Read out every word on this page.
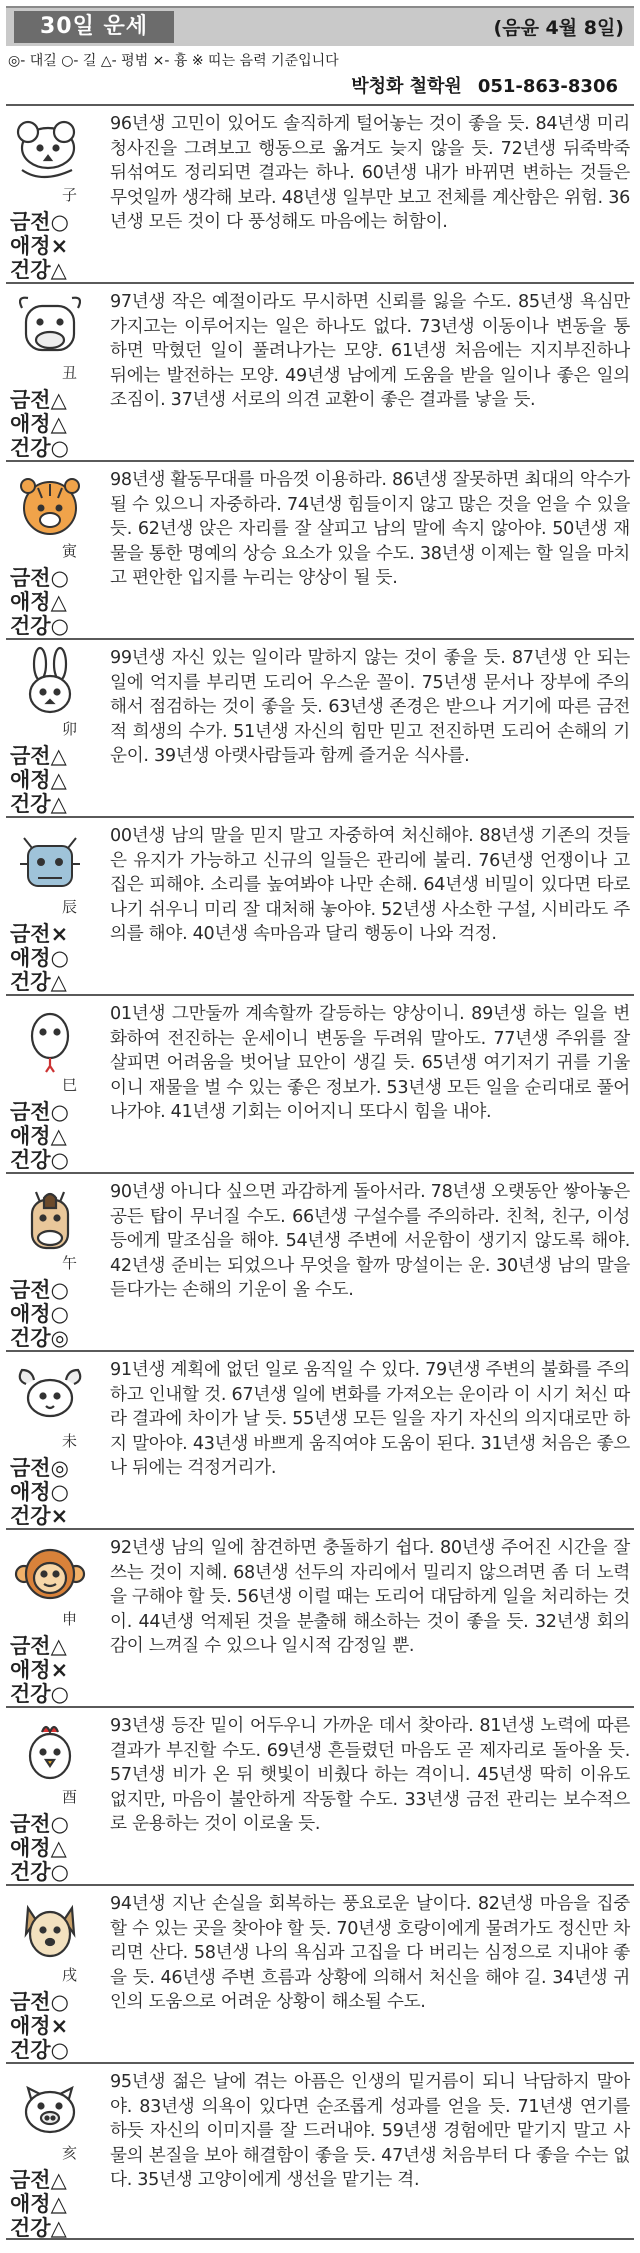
30일 운세	(음윤 4월 8일)
◎- 대길 ○- 길 △- 평범 ×- 흉 ※ 띠는 음력 기준입니다
박청화 철학원 051-863-8306
子
금전○
애정×
건강△
96년생 고민이 있어도 솔직하게 털어놓는 것이 좋을 듯. 84년생 미리 청사진을 그려보고 행동으로 옮겨도 늦지 않을 듯. 72년생 뒤죽박죽 뒤섞여도 정리되면 결과는 하나. 60년생 내가 바뀌면 변하는 것들은 무엇일까 생각해 보라. 48년생 일부만 보고 전체를 계산함은 위험. 36년생 모든 것이 다 풍성해도 마음에는 허함이.
丑
금전△
애정△
건강○
97년생 작은 예절이라도 무시하면 신뢰를 잃을 수도. 85년생 욕심만 가지고는 이루어지는 일은 하나도 없다. 73년생 이동이나 변동을 통하면 막혔던 일이 풀려나가는 모양. 61년생 처음에는 지지부진하나 뒤에는 발전하는 모양. 49년생 남에게 도움을 받을 일이나 좋은 일의 조짐이. 37년생 서로의 의견 교환이 좋은 결과를 낳을 듯.
寅
금전○
애정△
건강○
98년생 활동무대를 마음껏 이용하라. 86년생 잘못하면 최대의 악수가 될 수 있으니 자중하라. 74년생 힘들이지 않고 많은 것을 얻을 수 있을 듯. 62년생 앉은 자리를 잘 살피고 남의 말에 속지 않아야. 50년생 재물을 통한 명예의 상승 요소가 있을 수도. 38년생 이제는 할 일을 마치고 편안한 입지를 누리는 양상이 될 듯.
卯
금전△
애정△
건강△
99년생 자신 있는 일이라 말하지 않는 것이 좋을 듯. 87년생 안 되는 일에 억지를 부리면 도리어 우스운 꼴이. 75년생 문서나 장부에 주의해서 점검하는 것이 좋을 듯. 63년생 존경은 받으나 거기에 따른 금전적 희생의 수가. 51년생 자신의 힘만 믿고 전진하면 도리어 손해의 기운이. 39년생 아랫사람들과 함께 즐거운 식사를.
辰
금전×
애정○
건강△
00년생 남의 말을 믿지 말고 자중하여 처신해야. 88년생 기존의 것들은 유지가 가능하고 신규의 일들은 관리에 불리. 76년생 언쟁이나 고집은 피해야. 소리를 높여봐야 나만 손해. 64년생 비밀이 있다면 타로 나기 쉬우니 미리 잘 대처해 놓아야. 52년생 사소한 구설, 시비라도 주의를 해야. 40년생 속마음과 달리 행동이 나와 걱정.
巳
금전○
애정△
건강○
01년생 그만둘까 계속할까 갈등하는 양상이니. 89년생 하는 일을 변화하여 전진하는 운세이니 변동을 두려워 말아도. 77년생 주위를 잘 살피면 어려움을 벗어날 묘안이 생길 듯. 65년생 여기저기 귀를 기울이니 재물을 벌 수 있는 좋은 정보가. 53년생 모든 일을 순리대로 풀어나가야. 41년생 기회는 이어지니 또다시 힘을 내야.
午
금전○
애정○
건강◎
90년생 아니다 싶으면 과감하게 돌아서라. 78년생 오랫동안 쌓아놓은 공든 탑이 무너질 수도. 66년생 구설수를 주의하라. 친척, 친구, 이성 등에게 말조심을 해야. 54년생 주변에 서운함이 생기지 않도록 해야. 42년생 준비는 되었으나 무엇을 할까 망설이는 운. 30년생 남의 말을 듣다가는 손해의 기운이 올 수도.
未
금전◎
애정○
건강×
91년생 계획에 없던 일로 움직일 수 있다. 79년생 주변의 불화를 주의하고 인내할 것. 67년생 일에 변화를 가져오는 운이라 이 시기 처신 따라 결과에 차이가 날 듯. 55년생 모든 일을 자기 자신의 의지대로만 하지 말아야. 43년생 바쁘게 움직여야 도움이 된다. 31년생 처음은 좋으나 뒤에는 걱정거리가.
申
금전△
애정×
건강○
92년생 남의 일에 참견하면 충돌하기 쉽다. 80년생 주어진 시간을 잘 쓰는 것이 지혜. 68년생 선두의 자리에서 밀리지 않으려면 좀 더 노력을 구해야 할 듯. 56년생 이럴 때는 도리어 대담하게 일을 처리하는 것이. 44년생 억제된 것을 분출해 해소하는 것이 좋을 듯. 32년생 회의감이 느껴질 수 있으나 일시적 감정일 뿐.
酉
금전○
애정△
건강○
93년생 등잔 밑이 어두우니 가까운 데서 찾아라. 81년생 노력에 따른 결과가 부진할 수도. 69년생 흔들렸던 마음도 곧 제자리로 돌아올 듯. 57년생 비가 온 뒤 햇빛이 비췄다 하는 격이니. 45년생 딱히 이유도 없지만, 마음이 불안하게 작동할 수도. 33년생 금전 관리는 보수적으로 운용하는 것이 이로울 듯.
戌
금전○
애정×
건강○
94년생 지난 손실을 회복하는 풍요로운 날이다. 82년생 마음을 집중할 수 있는 곳을 찾아야 할 듯. 70년생 호랑이에게 물려가도 정신만 차리면 산다. 58년생 나의 욕심과 고집을 다 버리는 심정으로 지내야 좋을 듯. 46년생 주변 흐름과 상황에 의해서 처신을 해야 길. 34년생 귀인의 도움으로 어려운 상황이 해소될 수도.
亥
금전△
애정△
건강△
95년생 젊은 날에 겪는 아픔은 인생의 밑거름이 되니 낙담하지 말아야. 83년생 의욕이 있다면 순조롭게 성과를 얻을 듯. 71년생 연기를 하듯 자신의 이미지를 잘 드러내야. 59년생 경험에만 맡기지 말고 사물의 본질을 보아 해결함이 좋을 듯. 47년생 처음부터 다 좋을 수는 없다. 35년생 고양이에게 생선을 맡기는 격.
